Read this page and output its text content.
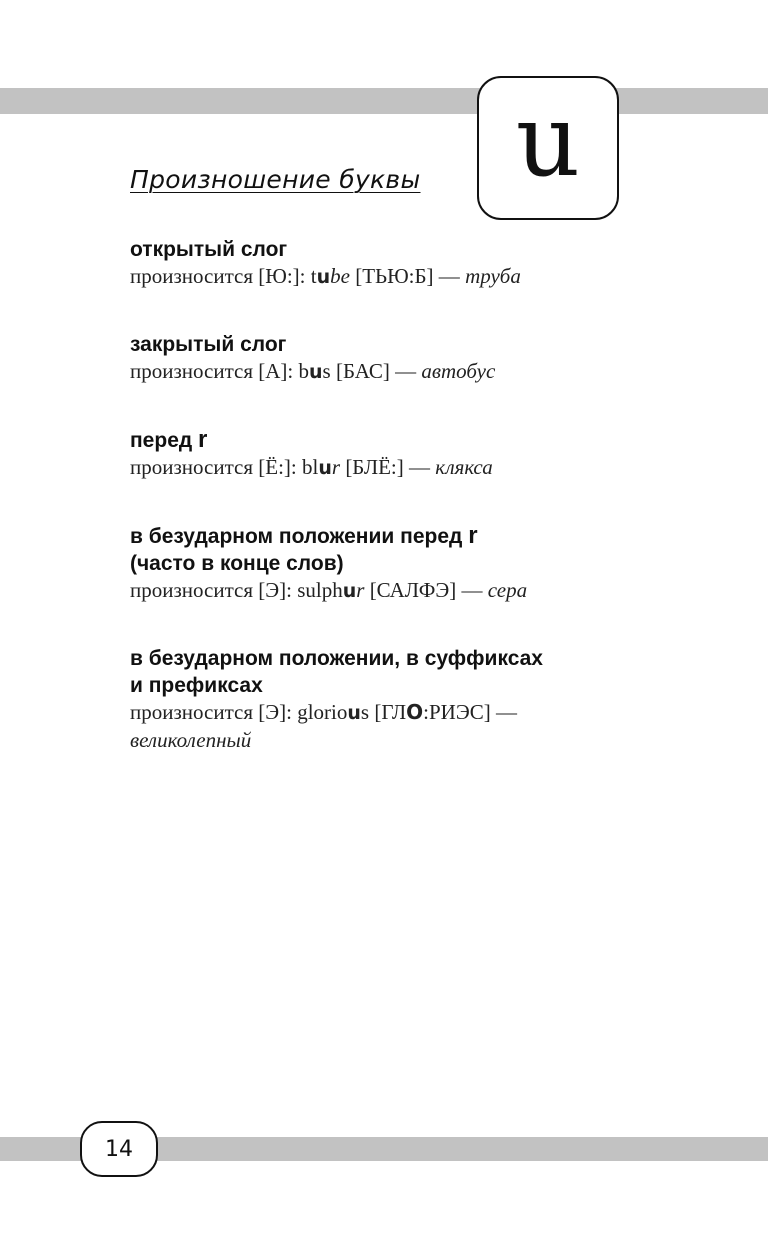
u
Произношение буквы
открытый слог
произносится [Ю:]: tube [ТЬЮ:Б] — труба
закрытый слог
произносится [А]: bus [БАС] — автобус
перед r
произносится [Ё:]: blur [БЛЁ:] — клякса
в безударном положении перед r
(часто в конце слов)
произносится [Э]: sulphur [САЛФЭ] — сера
в безударном положении, в суффиксах
и префиксах
произносится [Э]: glorious [ГЛО:РИЭС] —
великолепный
14
